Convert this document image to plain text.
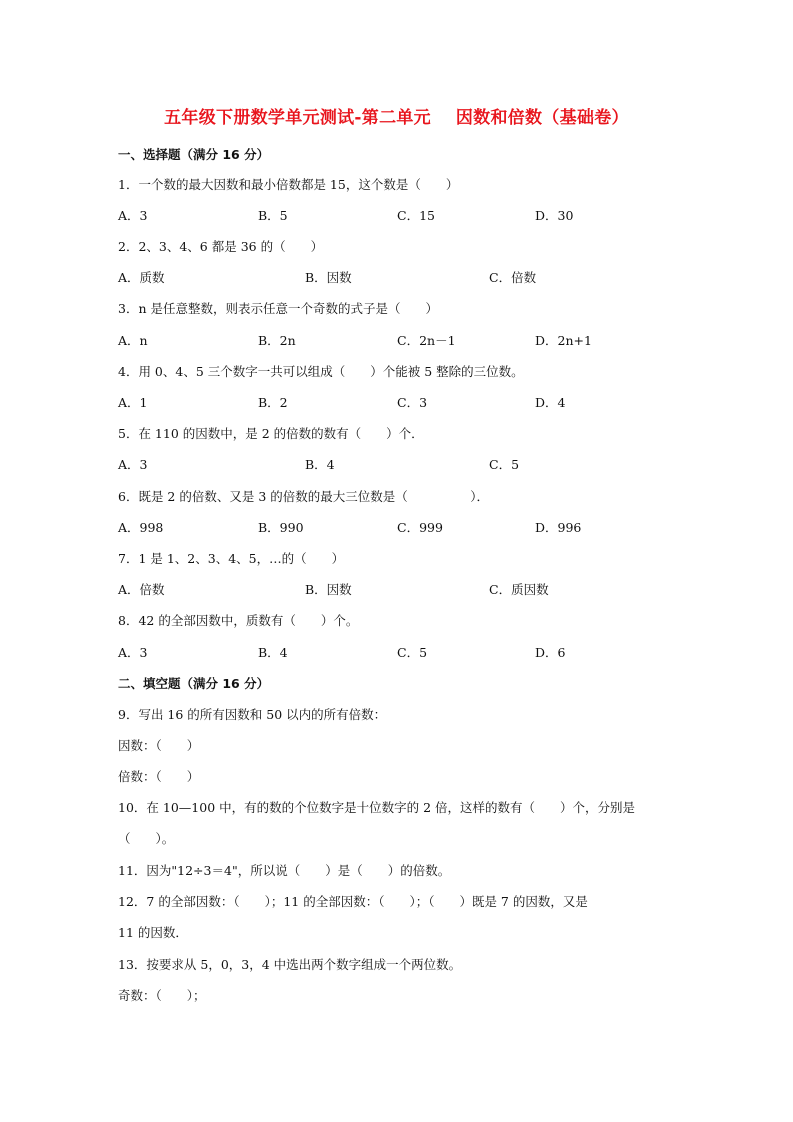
五年级下册数学单元测试-第二单元    因数和倍数（基础卷）
一、选择题（满分 16 分）
1．一个数的最大因数和最小倍数都是 15，这个数是（　　）
A．3	B．5	C．15	D．30
2．2、3、4、6 都是 36 的（　　）
A．质数	B．因数	C．倍数
3．n 是任意整数，则表示任意一个奇数的式子是（　　）
A．n	B．2n	C．2n－1	D．2n+1
4．用 0、4、5 三个数字一共可以组成（　　）个能被 5 整除的三位数。
A．1	B．2	C．3	D．4
5．在 110 的因数中，是 2 的倍数的数有（　　）个．
A．3	B．4	C．5
6．既是 2 的倍数、又是 3 的倍数的最大三位数是（　　　　　）．
A．998	B．990	C．999	D．996
7．1 是 1、2、3、4、5，…的（　　）
A．倍数	B．因数	C．质因数
8．42 的全部因数中，质数有（　　）个。
A．3	B．4	C．5	D．6
二、填空题（满分 16 分）
9．写出 16 的所有因数和 50 以内的所有倍数：
因数：（　　）
倍数：（　　）
10．在 10—100 中，有的数的个位数字是十位数字的 2 倍，这样的数有（　　）个，分别是
（　　）。
11．因为"12÷3＝4"，所以说（　　）是（　　）的倍数。
12．7 的全部因数：（　　）；11 的全部因数：（　　）；（　　）既是 7 的因数，又是
11 的因数．
13．按要求从 5，0，3，4 中选出两个数字组成一个两位数。
奇数：（　　）；
